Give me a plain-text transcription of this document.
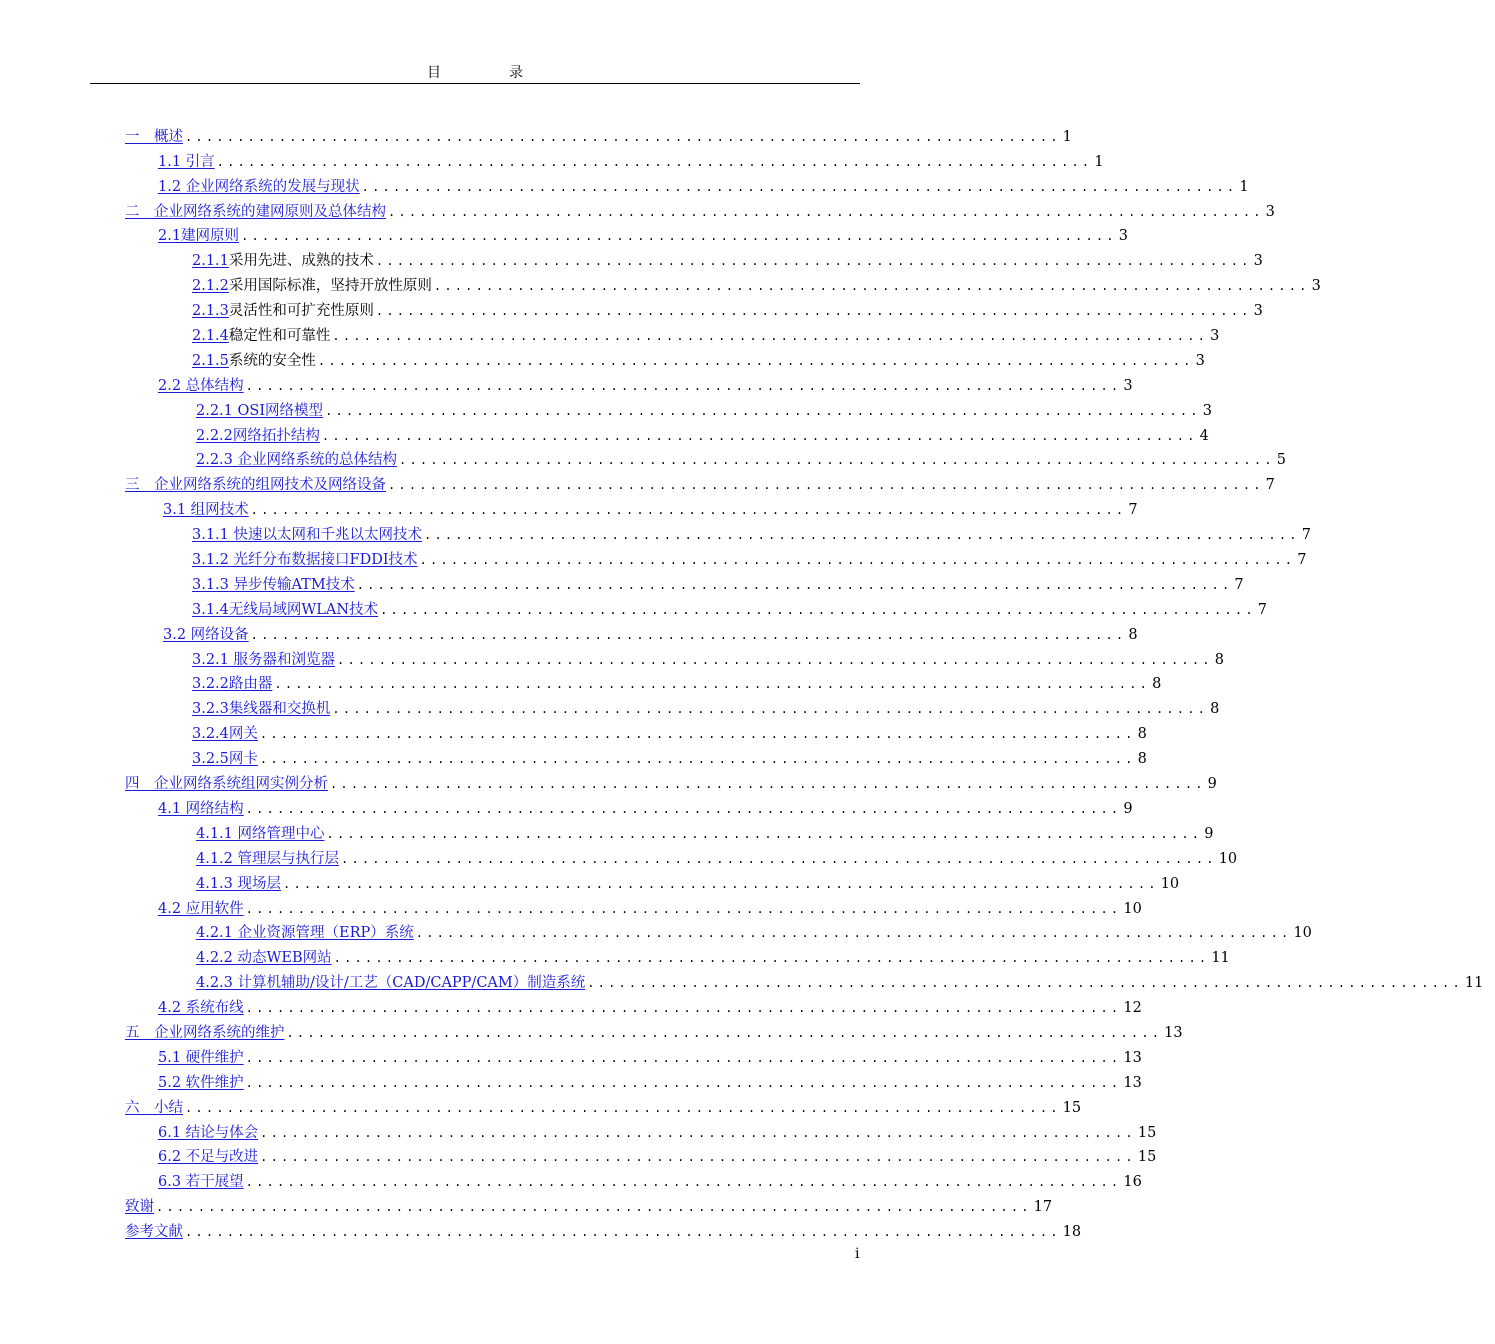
目录
一　概述 .................................................................................... 1
1.1 引言 .................................................................................... 1
1.2 企业网络系统的发展与现状 .................................................................................... 1
二　企业网络系统的建网原则及总体结构 .................................................................................... 3
2.1建网原则 .................................................................................... 3
2.1.1 采用先进、成熟的技术 .................................................................................... 3
2.1.2 采用国际标准，坚持开放性原则 .................................................................................... 3
2.1.3 灵活性和可扩充性原则 .................................................................................... 3
2.1.4 稳定性和可靠性 .................................................................................... 3
2.1.5 系统的安全性 .................................................................................... 3
2.2 总体结构 .................................................................................... 3
2.2.1 OSI网络模型 .................................................................................... 3
2.2.2网络拓扑结构 .................................................................................... 4
2.2.3 企业网络系统的总体结构 .................................................................................... 5
三　企业网络系统的组网技术及网络设备 .................................................................................... 7
3.1 组网技术 .................................................................................... 7
3.1.1 快速以太网和千兆以太网技术 .................................................................................... 7
3.1.2 光纤分布数据接口FDDI技术 .................................................................................... 7
3.1.3 异步传输ATM技术 .................................................................................... 7
3.1.4无线局域网WLAN技术 .................................................................................... 7
3.2 网络设备 .................................................................................... 8
3.2.1 服务器和浏览器 .................................................................................... 8
3.2.2路由器 .................................................................................... 8
3.2.3集线器和交换机 .................................................................................... 8
3.2.4网关 .................................................................................... 8
3.2.5网卡 .................................................................................... 8
四　企业网络系统组网实例分析 .................................................................................... 9
4.1 网络结构 .................................................................................... 9
4.1.1 网络管理中心 .................................................................................... 9
4.1.2 管理层与执行层 .................................................................................... 10
4.1.3 现场层 .................................................................................... 10
4.2 应用软件 .................................................................................... 10
4.2.1 企业资源管理（ERP）系统 .................................................................................... 10
4.2.2 动态WEB网站 .................................................................................... 11
4.2.3 计算机辅助/设计/工艺（CAD/CAPP/CAM）制造系统 .................................................................................... 11
4.2 系统布线 .................................................................................... 12
五　企业网络系统的维护 .................................................................................... 13
5.1 硬件维护 .................................................................................... 13
5.2 软件维护 .................................................................................... 13
六　小结 .................................................................................... 15
6.1 结论与体会 .................................................................................... 15
6.2 不足与改进 .................................................................................... 15
6.3 若干展望 .................................................................................... 16
致谢 .................................................................................... 17
参考文献 .................................................................................... 18
i
